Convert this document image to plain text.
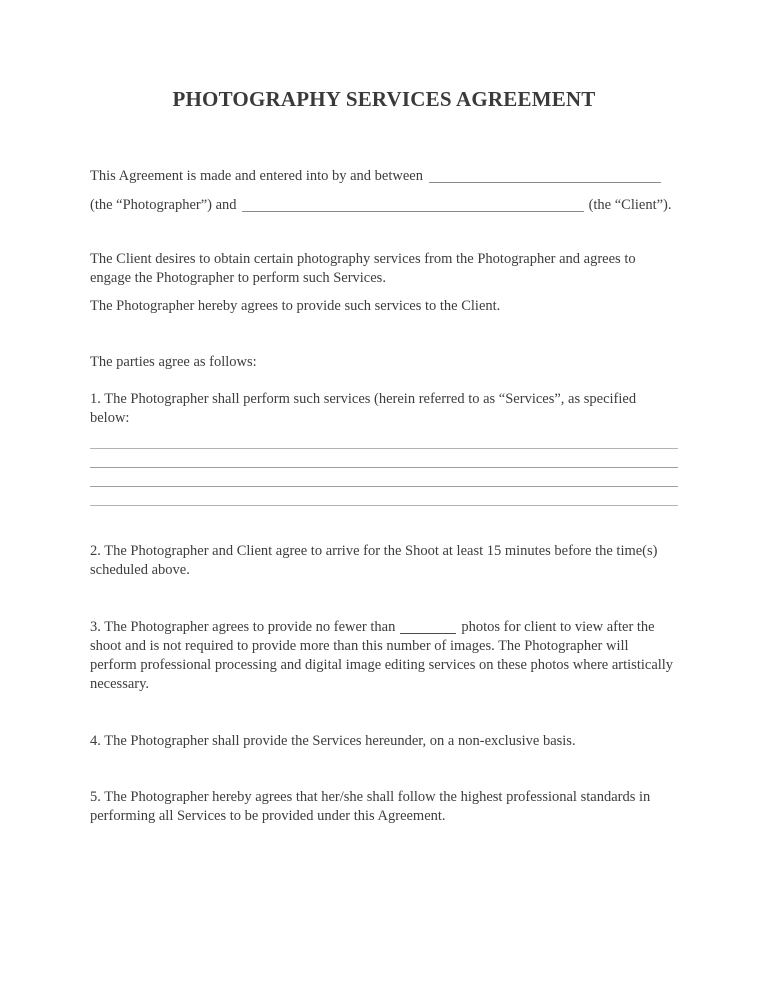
PHOTOGRAPHY SERVICES AGREEMENT

This Agreement is made and entered into by and between
(the “Photographer”) and	(the “Client”).

The Client desires to obtain certain photography services from the Photographer and agrees to engage the Photographer to perform such Services.

The Photographer hereby agrees to provide such services to the Client.

The parties agree as follows:

1. The Photographer shall perform such services (herein referred to as “Services”, as specified below:

2. The Photographer and Client agree to arrive for the Shoot at least 15 minutes before the time(s) scheduled above.

3. The Photographer agrees to provide no fewer than	photos for client to view after the shoot and is not required to provide more than this number of images. The Photographer will perform professional processing and digital image editing services on these photos where artistically necessary.

4. The Photographer shall provide the Services hereunder, on a non-exclusive basis.

5. The Photographer hereby agrees that her/she shall follow the highest professional standards in performing all Services to be provided under this Agreement.
